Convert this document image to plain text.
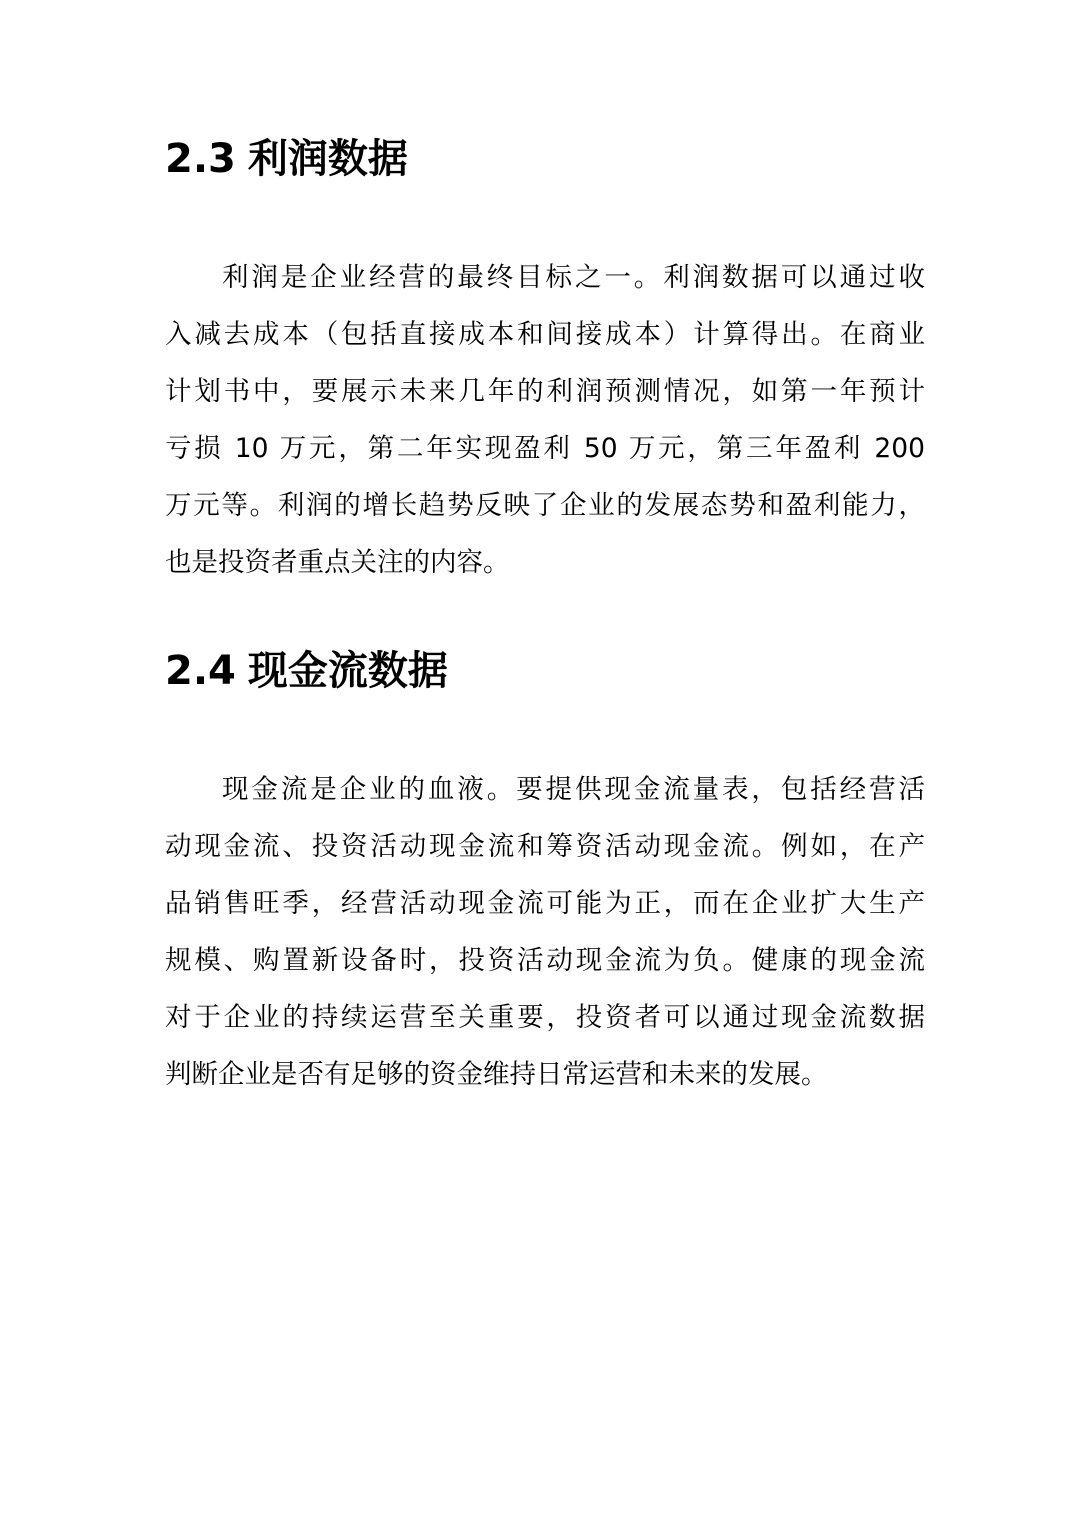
2.3 利润数据

利润是企业经营的最终目标之一。利润数据可以通过收
入减去成本（包括直接成本和间接成本）计算得出。在商业
计划书中，要展示未来几年的利润预测情况，如第一年预计
亏损 10 万元，第二年实现盈利 50 万元，第三年盈利 200
万元等。利润的增长趋势反映了企业的发展态势和盈利能力，
也是投资者重点关注的内容。

2.4 现金流数据

现金流是企业的血液。要提供现金流量表，包括经营活
动现金流、投资活动现金流和筹资活动现金流。例如，在产
品销售旺季，经营活动现金流可能为正，而在企业扩大生产
规模、购置新设备时，投资活动现金流为负。健康的现金流
对于企业的持续运营至关重要，投资者可以通过现金流数据
判断企业是否有足够的资金维持日常运营和未来的发展。
